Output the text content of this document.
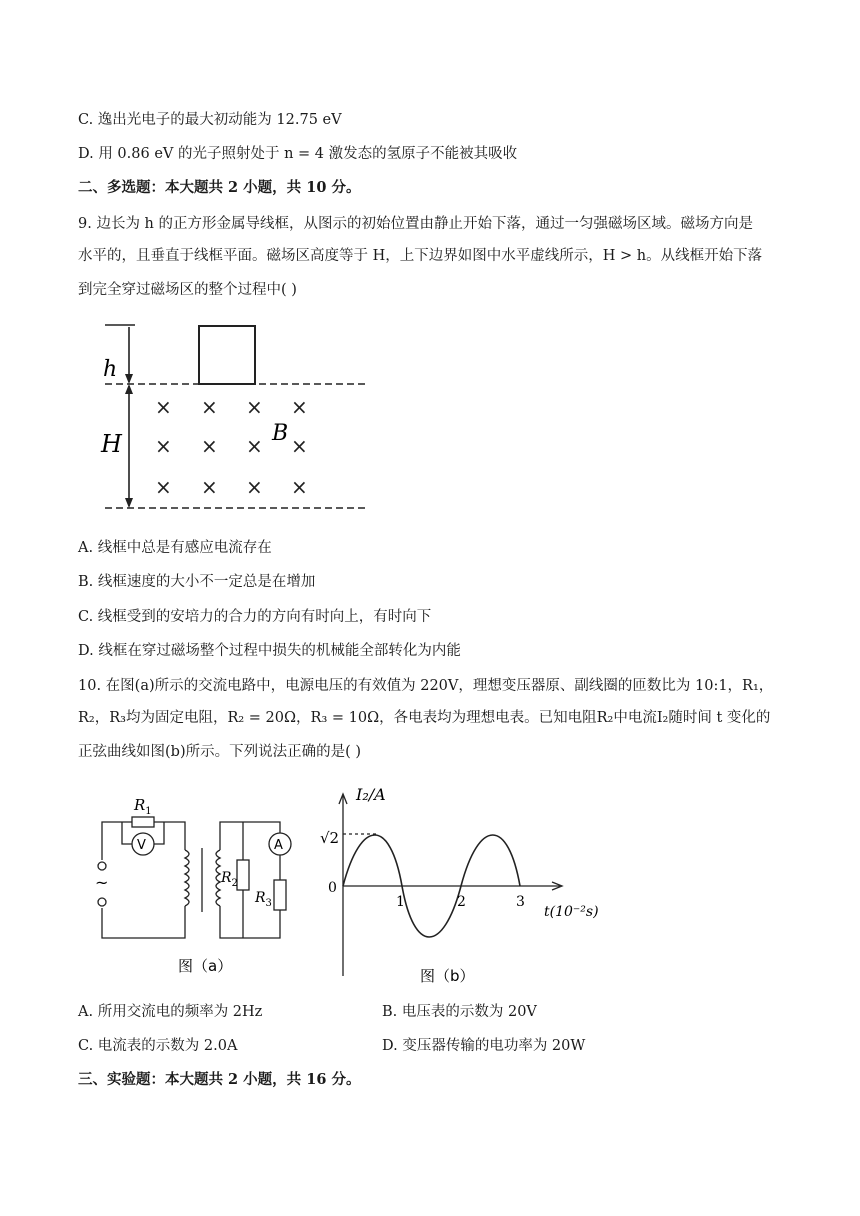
C. 逸出光电子的最大初动能为 12.75 eV
D. 用 0.86 eV 的光子照射处于 n = 4 激发态的氢原子不能被其吸收
二、多选题：本大题共 2 小题，共 10 分。
9. 边长为 h 的正方形金属导线框，从图示的初始位置由静止开始下落，通过一匀强磁场区域。磁场方向是
水平的，且垂直于线框平面。磁场区高度等于 H，上下边界如图中水平虚线所示，H > h。从线框开始下落
到完全穿过磁场区的整个过程中( )
h
H
× × × ×
× × × ×
× × × ×
B
A. 线框中总是有感应电流存在
B. 线框速度的大小不一定总是在增加
C. 线框受到的安培力的合力的方向有时向上，有时向下
D. 线框在穿过磁场整个过程中损失的机械能全部转化为内能
10. 在图(a)所示的交流电路中，电源电压的有效值为 220V，理想变压器原、副线圈的匝数比为 10:1，R₁，
R₂，R₃均为固定电阻，R₂ = 20Ω，R₃ = 10Ω，各电表均为理想电表。已知电阻R₂中电流I₂随时间 t 变化的
正弦曲线如图(b)所示。下列说法正确的是( )
$R_1$
V	A
~	$R_2$
$R_3$
图（a）
I₂/A
√2
0
1	2	3
t(10⁻²s)
图（b）
A. 所用交流电的频率为 2Hz	B. 电压表的示数为 20V
C. 电流表的示数为 2.0A	D. 变压器传输的电功率为 20W
三、实验题：本大题共 2 小题，共 16 分。
